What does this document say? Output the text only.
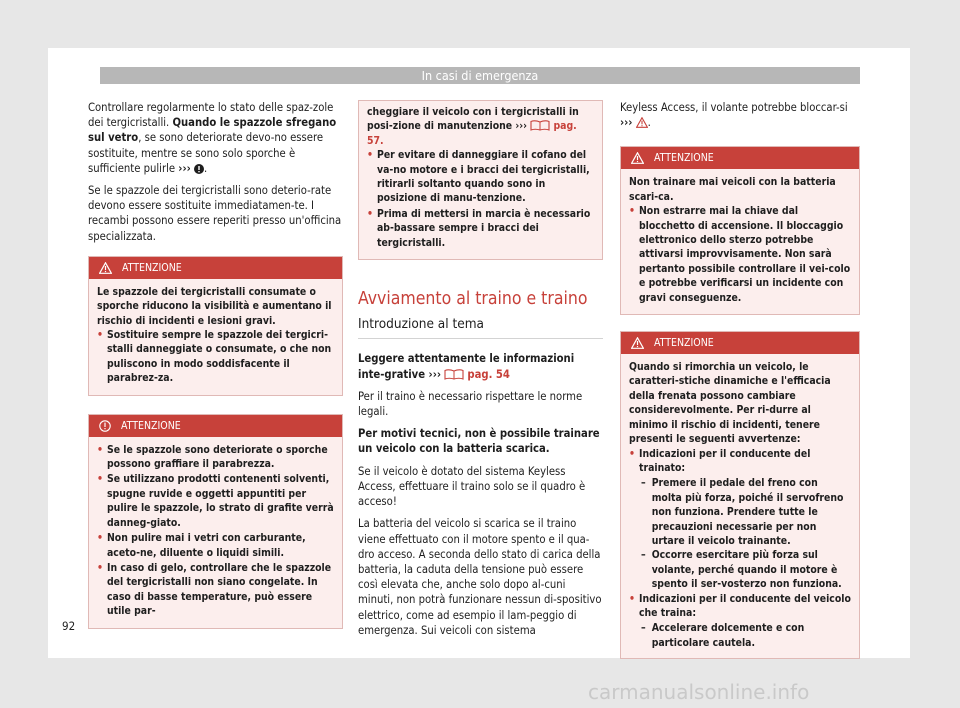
In casi di emergenza

Controllare regolarmente lo stato delle spaz-zole dei tergicristalli. Quando le spazzole sfregano sul vetro, se sono deteriorate devo-no essere sostituite, mentre se sono solo sporche è sufficiente pulirle ››› .

Se le spazzole dei tergicristalli sono deterio-rate devono essere sostituite immediatamen-te. I recambi possono essere reperiti presso un'officina specializzata.

ATTENZIONE
Le spazzole dei tergicristalli consumate o sporche riducono la visibilità e aumentano il rischio di incidenti e lesioni gravi.
• Sostituire sempre le spazzole dei tergicri-stalli danneggiate o consumate, o che non puliscono in modo soddisfacente il parabrez-za.
ATTENZIONE
• Se le spazzole sono deteriorate o sporche possono graffiare il parabrezza.
• Se utilizzano prodotti contenenti solventi, spugne ruvide e oggetti appuntiti per pulire le spazzole, lo strato di grafite verrà danneg-giato.
• Non pulire mai i vetri con carburante, aceto-ne, diluente o liquidi simili.
• In caso di gelo, controllare che le spazzole del tergicristalli non siano congelate. In caso di basse temperature, può essere utile par-
cheggiare il veicolo con i tergicristalli in posi-zione di manutenzione ›››	pag. 57.
• Per evitare di danneggiare il cofano del va-no motore e i bracci dei tergicristalli, ritirarli soltanto quando sono in posizione di manu-tenzione.
• Prima di mettersi in marcia è necessario ab-bassare sempre i bracci dei tergicristalli.
Avviamento al traino e traino
Introduzione al tema

Leggere attentamente le informazioni inte-grative ››› pag. 54

Per il traino è necessario rispettare le norme legali.

Per motivi tecnici, non è possibile trainare un veicolo con la batteria scarica.

Se il veicolo è dotato del sistema Keyless Access, effettuare il traino solo se il quadro è acceso!

La batteria del veicolo si scarica se il traino viene effettuato con il motore spento e il qua-dro acceso. A seconda dello stato di carica della batteria, la caduta della tensione può essere così elevata che, anche solo dopo al-cuni minuti, non potrà funzionare nessun di-spositivo elettrico, come ad esempio il lam-peggio di emergenza. Sui veicoli con sistema

Keyless Access, il volante potrebbe bloccar-si ››› .

ATTENZIONE
Non trainare mai veicoli con la batteria scari-ca.
• Non estrarre mai la chiave dal blocchetto di accensione. Il bloccaggio elettronico dello sterzo potrebbe attivarsi improvvisamente. Non sarà pertanto possibile controllare il vei-colo e potrebbe verificarsi un incidente con gravi conseguenze.
ATTENZIONE
Quando si rimorchia un veicolo, le caratteri-stiche dinamiche e l'efficacia della frenata possono cambiare considerevolmente. Per ri-durre al minimo il rischio di incidenti, tenere presenti le seguenti avvertenze:
• Indicazioni per il conducente del trainato:
– Premere il pedale del freno con molta più forza, poiché il servofreno non funziona. Prendere tutte le precauzioni necessarie per non urtare il veicolo trainante.
– Occorre esercitare più forza sul volante, perché quando il motore è spento il ser-vosterzo non funziona.
• Indicazioni per il conducente del veicolo che traina:
– Accelerare dolcemente e con particolare cautela.
92
carmanualsonline.info
